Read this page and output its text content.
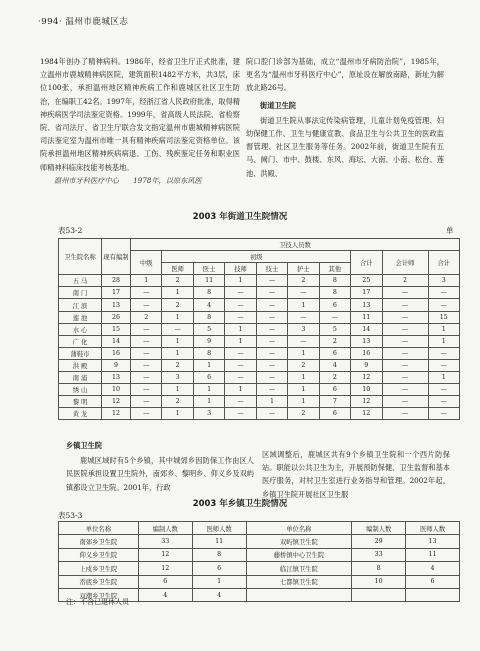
·994· 温州市鹿城区志

1984年创办了精神病科。1986年，经省卫生厅正式批准，建立温州市鹿城精神病医院，建筑面积1482平方米，共3层，床位100张，承担温州地区精神疾病工作和鹿城区社区卫生防治，在编职工42名。1997年，经浙江省人民政府批准，取得精神疾病医学司法鉴定资格。1999年，省高级人民法院、省检察院、省司法厅、省卫生厅联合发文指定温州市鹿城精神病医院司法鉴定室为温州市唯一具有精神疾病司法鉴定资格单位。该院承担温州地区精神疾病病退、工伤、残疾鉴定任务和职业医师精神科临床技能考核基地。

温州市牙科医疗中心　　1978年，以原东风医

院口腔门诊部为基础，成立“温州市牙病防治院”，1985年，更名为“温州市牙科医疗中心”，原址设在解放南路，新址为解放北路26号。

街道卫生院

街道卫生院从事法定传染病管理，儿童计划免疫管理、妇幼保健工作、卫生与健康宣教、食品卫生与公共卫生的医政监督管理、社区卫生服务等任务。2002年前，街道卫生院有五马、阙门、市中、鼓楼、东风、海坛、大南、小南、松台、莲池、洪殿、

2003 年街道卫生院情况
表53-2	单
卫生院名称	现有编制	卫技人员数									
		中级	初级						合计	会计师	合计
			医师	医士	技师	技士	护士	其他			
五 马	28	1	2	11	1	—	2	8	25	2	3
南 门	17	—	1	8	—	—	—	8	17	—	—
江 滨	13	—	2	4	—	—	1	6	13	—	—
莲 池	26	2	1	8	—	—	—	—	11	—	15
水 心	15	—	—	5	1	—	3	5	14	—	1
广 化	14	—	1	9	1	—	—	2	13	—	1
蒲鞋市	16	—	1	8	—	—	1	6	16	—	—
洪 殿	9	—	2	1	—	—	2	4	9	—	—
南 浦	13	—	3	6	—	—	1	2	12	—	1
绣 山	10	—	1	1	1	—	1	6	10	—	—
黎 明	12	—	2	1	—	1	1	7	12	—	—
黄 龙	12	—	1	3	—	—	2	6	12	—	—
乡镇卫生院

鹿城区域时有5个乡镇，其中城郊乡因防保工作由区人民医院承担设置卫生院外，南郊乡、黎明乡、仰义乡及双屿镇都设立卫生院。2001年，行政

区域调整后，鹿城区共有9个乡镇卫生院和一个西片防保站。职能以公共卫生为主，开展预防保健、卫生监督和基本医疗服务，对村卫生室进行业务指导和管理。2002年起，乡镇卫生院开展社区卫生服

2003 年乡镇卫生院情况
表53-3
单位名称	编制人数	医师人数	单位名称	编制人数	医师人数
南郊乡卫生院	33	11	双屿镇卫生院	29	13
仰义乡卫生院	12	8	藤桥镇中心卫生院	33	11
上戍乡卫生院	12	6	临江镇卫生院	8	4
岙底乡卫生院	6	1	七都镇卫生院	10	6
双潮乡卫生院	4	4			
注：不含已退休人员
